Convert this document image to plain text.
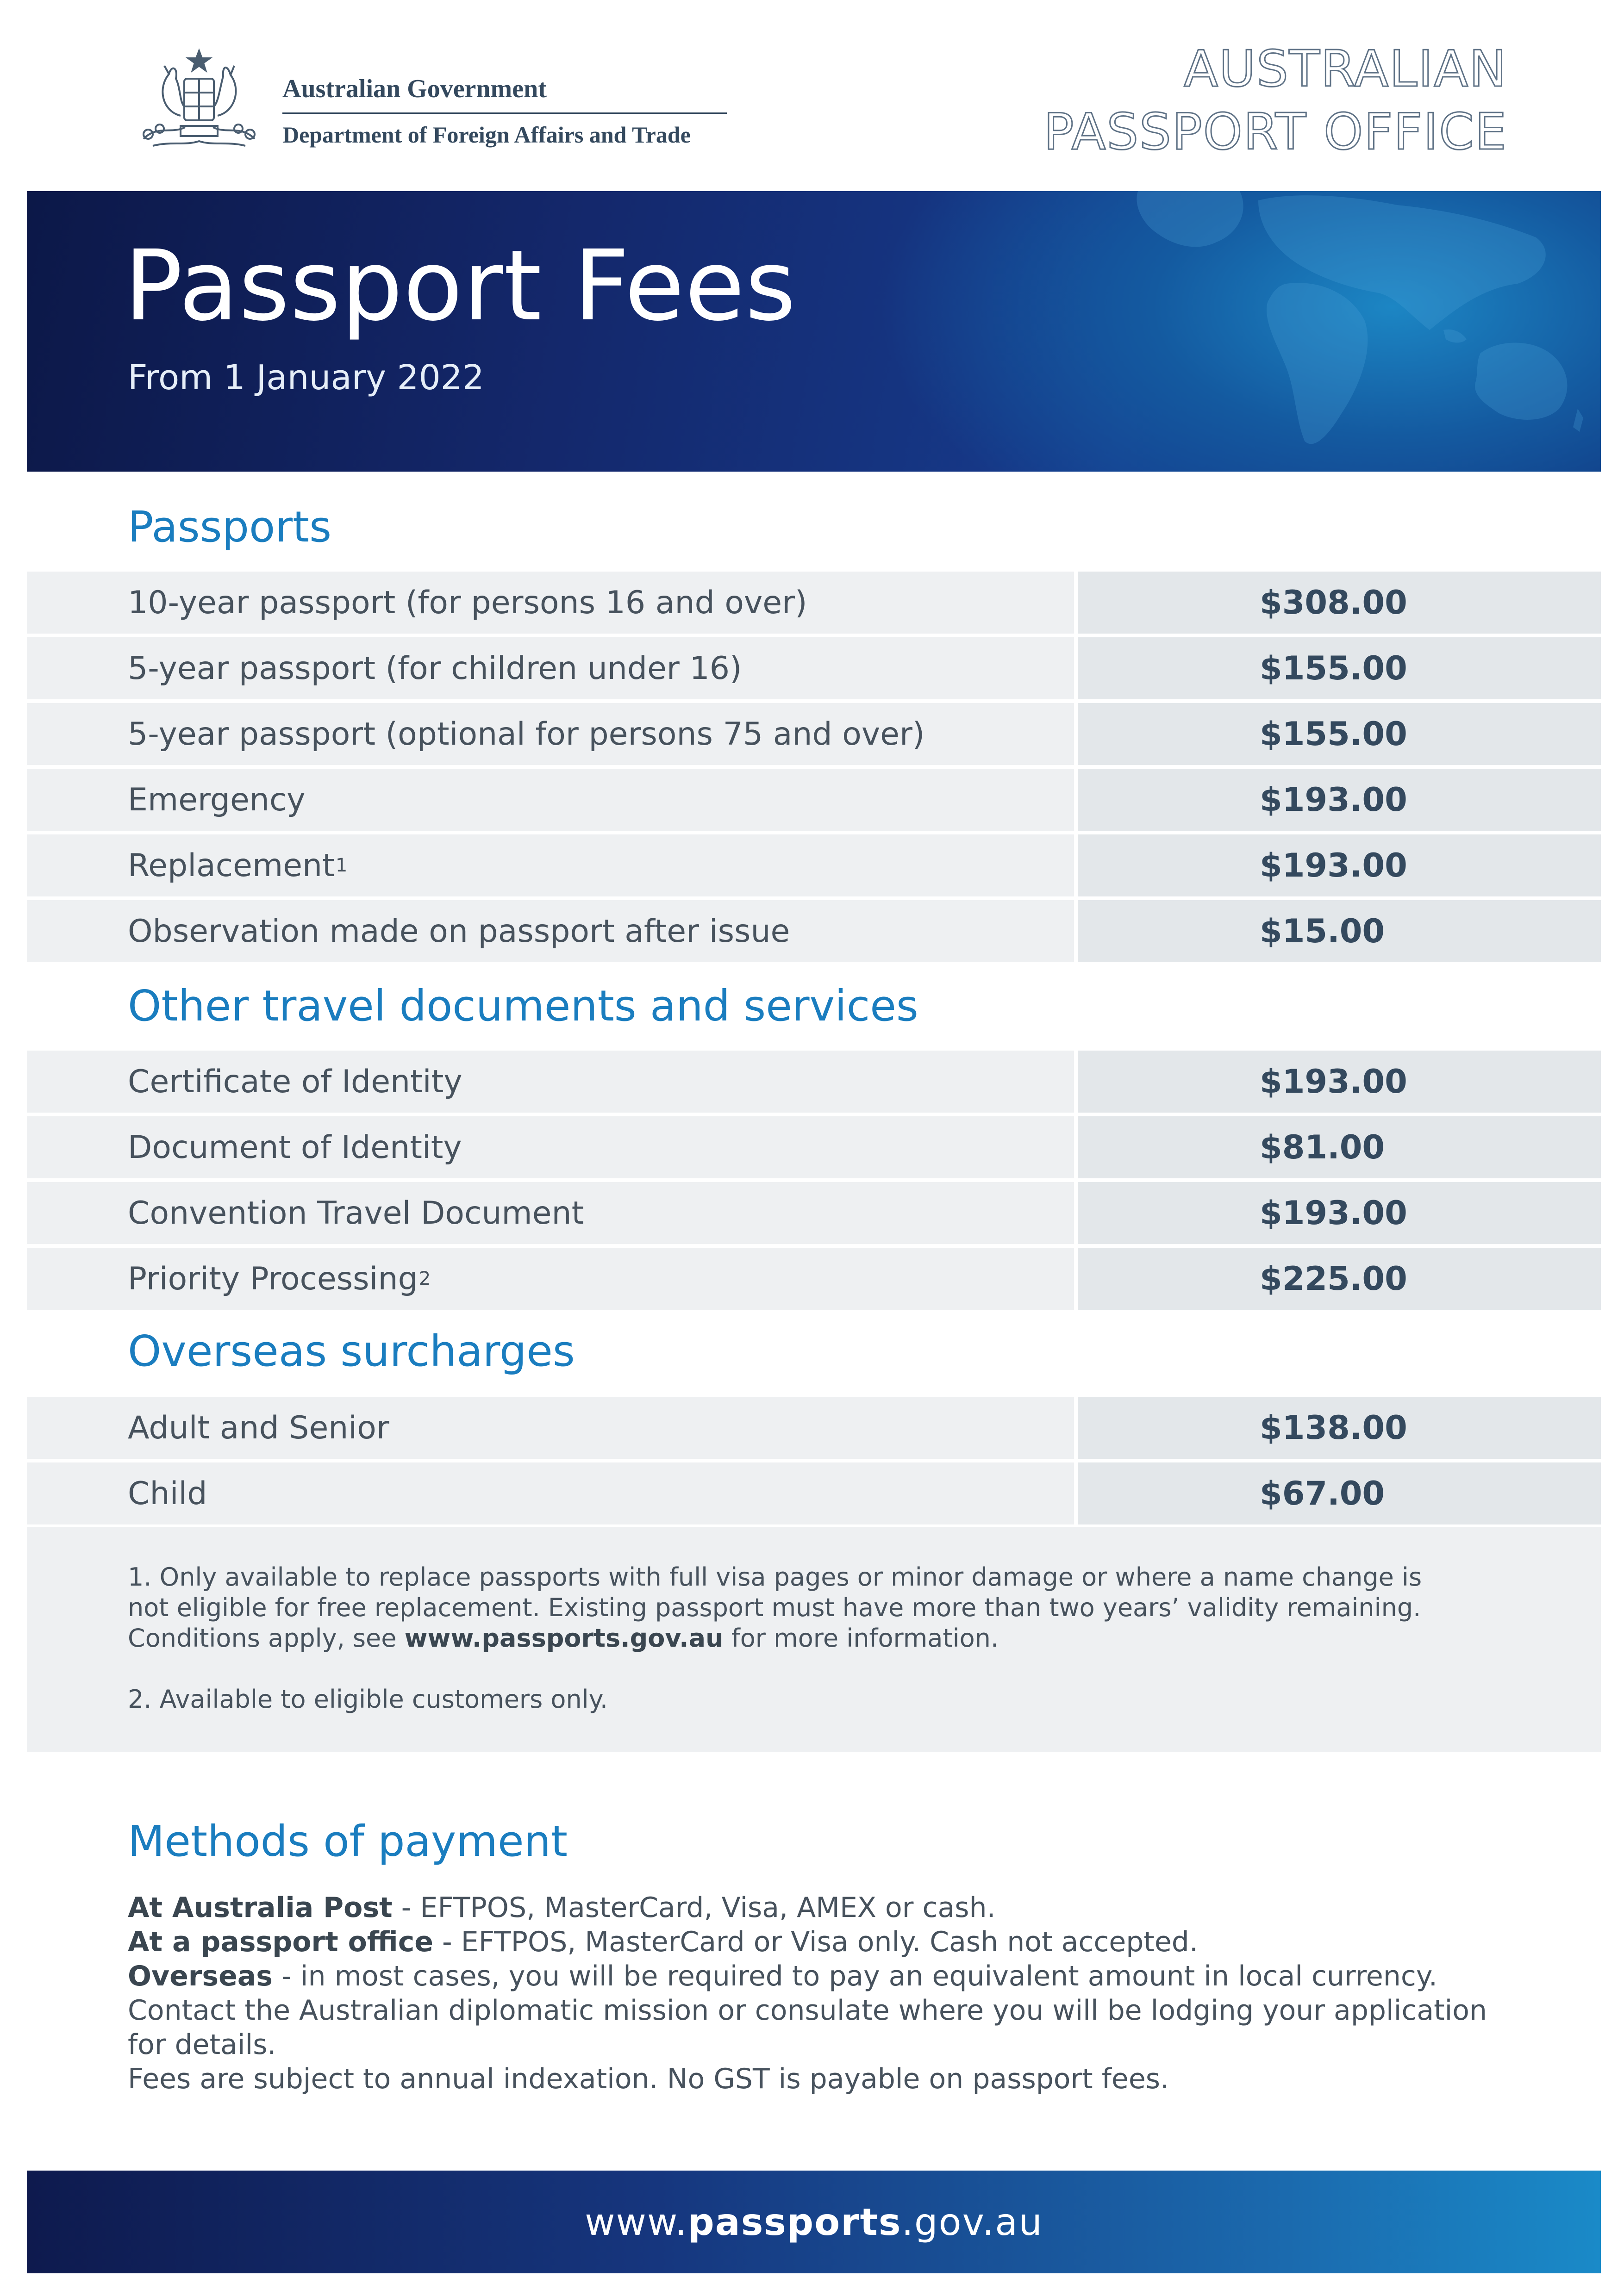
Australian Government
Department of Foreign Affairs and Trade
AUSTRALIAN
PASSPORT OFFICE
Passport Fees
From 1 January 2022
Passports
10-year passport (for persons 16 and over)	$308.00
5-year passport (for children under 16)	$155.00
5-year passport (optional for persons 75 and over)	$155.00
Emergency	$193.00
Replacement 1	$193.00
Observation made on passport after issue	$15.00
Other travel documents and services
Certificate of Identity	$193.00
Document of Identity	$81.00
Convention Travel Document	$193.00
Priority Processing 2	$225.00
Overseas surcharges
Adult and Senior	$138.00
Child	$67.00

1. Only available to replace passports with full visa pages or minor damage or where a name change is not eligible for free replacement. Existing passport must have more than two years’ validity remaining. Conditions apply, see www.passports.gov.au for more information.

2. Available to eligible customers only.

Methods of payment

At Australia Post - EFTPOS, MasterCard, Visa, AMEX or cash.

At a passport office - EFTPOS, MasterCard or Visa only. Cash not accepted.

Overseas - in most cases, you will be required to pay an equivalent amount in local currency.

Contact the Australian diplomatic mission or consulate where you will be lodging your application for details.

Fees are subject to annual indexation. No GST is payable on passport fees.

www.passports.gov.au
